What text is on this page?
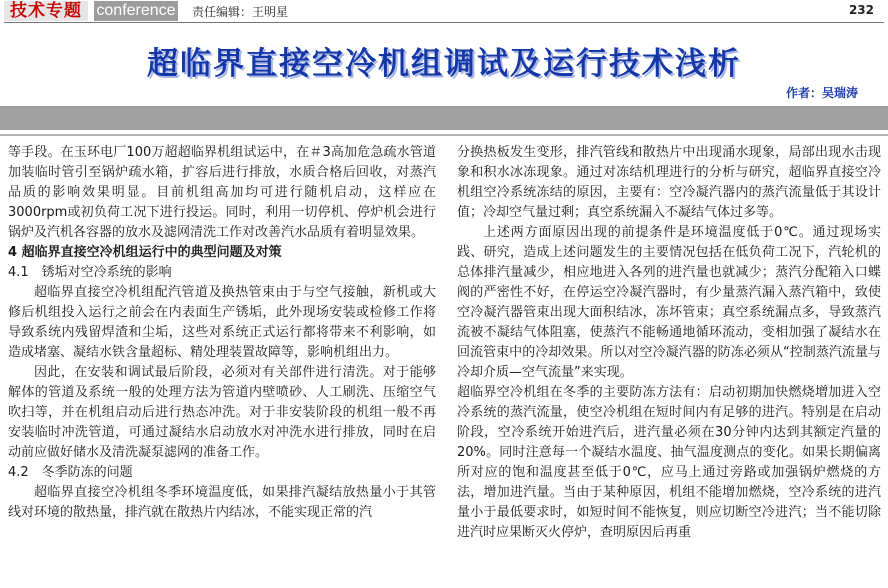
技术专题 conference 责任编辑：王明星	232
超临界直接空冷机组调试及运行技术浅析
作者：吴瑞涛

等手段。在玉环电厂100万超超临界机组试运中，在＃3高加危急疏水管道加装临时管引至锅炉疏水箱，扩容后进行排放，水质合格后回收，对蒸汽品质的影响效果明显。目前机组高加均可进行随机启动，这样应在3000rpm或初负荷工况下进行投运。同时，利用一切停机、停炉机会进行锅炉及汽机各容器的放水及滤网清洗工作对改善汽水品质有着明显效果。

4 超临界直接空冷机组运行中的典型问题及对策

4.1　锈垢对空冷系统的影响

超临界直接空冷机组配汽管道及换热管束由于与空气接触，新机或大修后机组投入运行之前会在内表面生产锈垢，此外现场安装或检修工作将导致系统内残留焊渣和尘垢，这些对系统正式运行都将带来不利影响，如造成堵塞、凝结水铁含量超标、精处理装置故障等，影响机组出力。

因此，在安装和调试最后阶段，必须对有关部件进行清洗。对于能够解体的管道及系统一般的处理方法为管道内壁喷砂、人工刷洗、压缩空气吹扫等，并在机组启动后进行热态冲洗。对于非安装阶段的机组一般不再安装临时冲洗管道，可通过凝结水启动放水对冲洗水进行排放，同时在启动前应做好储水及清洗凝泵滤网的准备工作。

4.2　冬季防冻的问题

超临界直接空冷机组冬季环境温度低，如果排汽凝结放热量小于其管线对环境的散热量，排汽就在散热片内结冰，不能实现正常的汽

分换热板发生变形，排汽管线和散热片中出现涌水现象，局部出现水击现象和积水冰冻现象。通过对冻结机理进行的分析与研究，超临界直接空冷机组空冷系统冻结的原因，主要有：空冷凝汽器内的蒸汽流量低于其设计值；冷却空气量过剩；真空系统漏入不凝结气体过多等。

上述两方面原因出现的前提条件是环境温度低于0℃。通过现场实践、研究，造成上述问题发生的主要情况包括在低负荷工况下，汽轮机的总体排汽量减少，相应地进入各列的进汽量也就减少；蒸汽分配箱入口蝶阀的严密性不好，在停运空冷凝汽器时，有少量蒸汽漏入蒸汽箱中，致使空冷凝汽器管束出现大面积结冰，冻坏管束；真空系统漏点多，导致蒸汽流被不凝结气体阻塞，使蒸汽不能畅通地循环流动，变相加强了凝结水在回流管束中的冷却效果。所以对空冷凝汽器的防冻必须从“控制蒸汽流量与冷却介质—空气流量”来实现。

超临界空冷机组在冬季的主要防冻方法有：启动初期加快燃烧增加进入空冷系统的蒸汽流量，使空冷机组在短时间内有足够的进汽。特别是在启动阶段，空冷系统开始进汽后，进汽量必须在30分钟内达到其额定汽量的20%。同时注意每一个凝结水温度、抽气温度测点的变化。如果长期偏离所对应的饱和温度甚至低于0℃，应马上通过旁路或加强锅炉燃烧的方法，增加进汽量。当由于某种原因，机组不能增加燃烧，空冷系统的进汽量小于最低要求时，如短时间不能恢复，则应切断空冷进汽；当不能切除进汽时应果断灭火停炉，查明原因后再重
